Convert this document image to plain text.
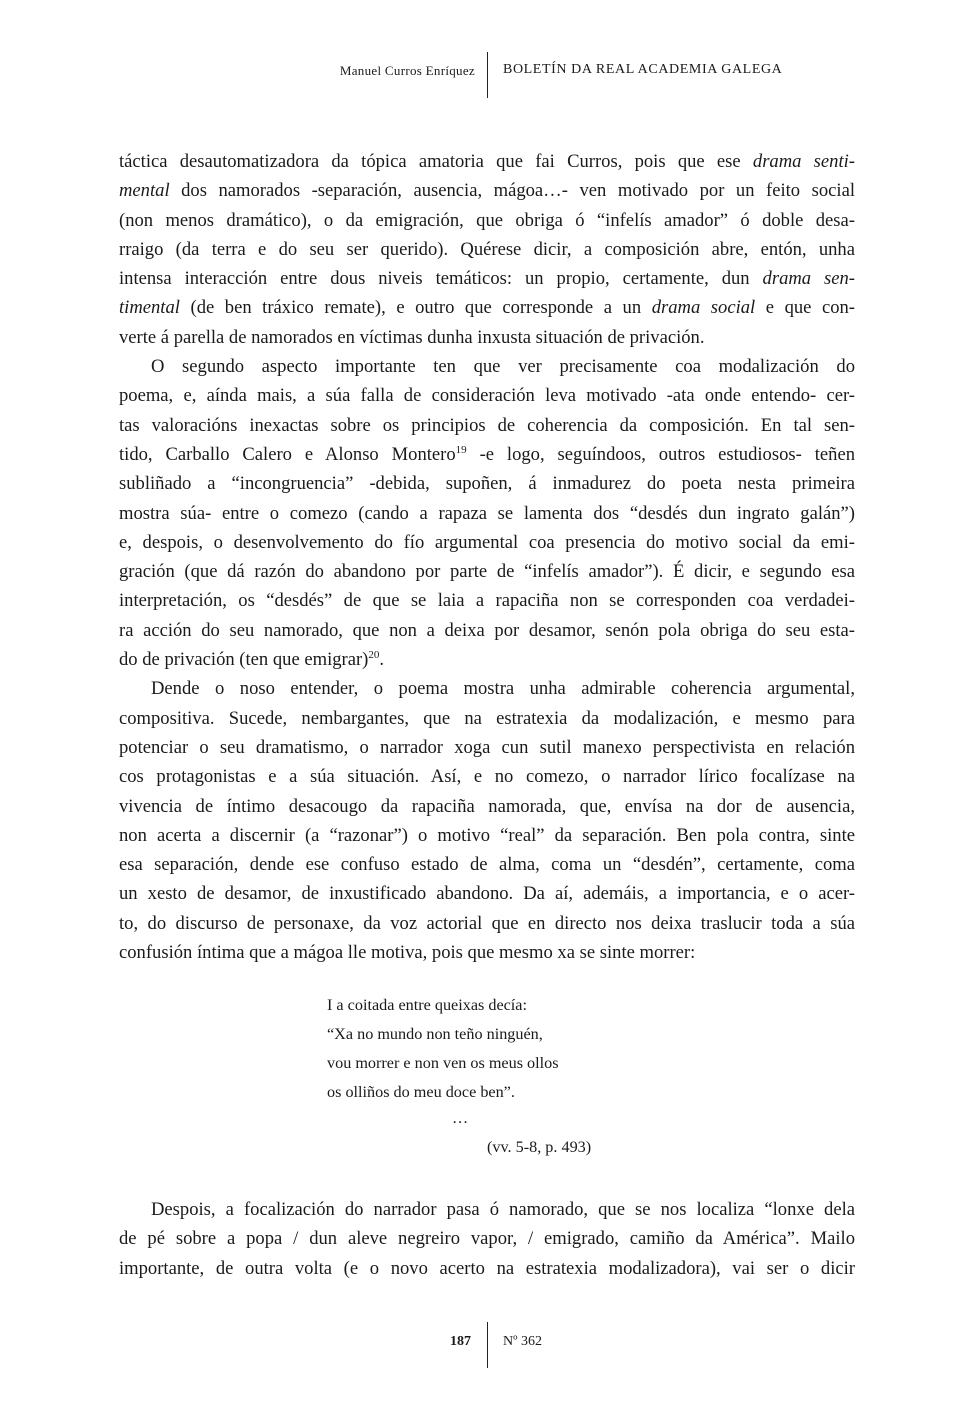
Manuel Curros Enríquez BOLETÍN DA REAL ACADEMIA GALEGA
táctica desautomatizadora da tópica amatoria que fai Curros, pois que ese drama senti-
mental dos namorados -separación, ausencia, mágoa…- ven motivado por un feito social
(non menos dramático), o da emigración, que obriga ó “infelís amador” ó doble desa-
rraigo (da terra e do seu ser querido). Quérese dicir, a composición abre, entón, unha
intensa interacción entre dous niveis temáticos: un propio, certamente, dun drama sen-
timental (de ben tráxico remate), e outro que corresponde a un drama social e que con-
verte á parella de namorados en víctimas dunha inxusta situación de privación.
O segundo aspecto importante ten que ver precisamente coa modalización do
poema, e, aínda mais, a súa falla de consideración leva motivado -ata onde entendo- cer-
tas valoracións inexactas sobre os principios de coherencia da composición. En tal sen-
tido, Carballo Calero e Alonso Montero$^{19}$ -e logo, seguíndoos, outros estudiosos- teñen
subliñado a “incongruencia” -debida, supoñen, á inmadurez do poeta nesta primeira
mostra súa- entre o comezo (cando a rapaza se lamenta dos “desdés dun ingrato galán”)
e, despois, o desenvolvemento do fío argumental coa presencia do motivo social da emi-
gración (que dá razón do abandono por parte de “infelís amador”). É dicir, e segundo esa
interpretación, os “desdés” de que se laia a rapaciña non se corresponden coa verdadei-
ra acción do seu namorado, que non a deixa por desamor, senón pola obriga do seu esta-
do de privación (ten que emigrar)$^{20}$.
Dende o noso entender, o poema mostra unha admirable coherencia argumental,
compositiva. Sucede, nembargantes, que na estratexia da modalización, e mesmo para
potenciar o seu dramatismo, o narrador xoga cun sutil manexo perspectivista en relación
cos protagonistas e a súa situación. Así, e no comezo, o narrador lírico focalízase na
vivencia de íntimo desacougo da rapaciña namorada, que, envísa na dor de ausencia,
non acerta a discernir (a “razonar”) o motivo “real” da separación. Ben pola contra, sinte
esa separación, dende ese confuso estado de alma, coma un “desdén”, certamente, coma
un xesto de desamor, de inxustificado abandono. Da aí, ademáis, a importancia, e o acer-
to, do discurso de personaxe, da voz actorial que en directo nos deixa traslucir toda a súa
confusión íntima que a mágoa lle motiva, pois que mesmo xa se sinte morrer:
I a coitada entre queixas decía:
“Xa no mundo non teño ninguén,
vou morrer e non ven os meus ollos
os olliños do meu doce ben”.
…
(vv. 5-8, p. 493)
Despois, a focalización do narrador pasa ó namorado, que se nos localiza “lonxe dela
de pé sobre a popa / dun aleve negreiro vapor, / emigrado, camiño da América”. Mailo
importante, de outra volta (e o novo acerto na estratexia modalizadora), vai ser o dicir
187 Nº 362
